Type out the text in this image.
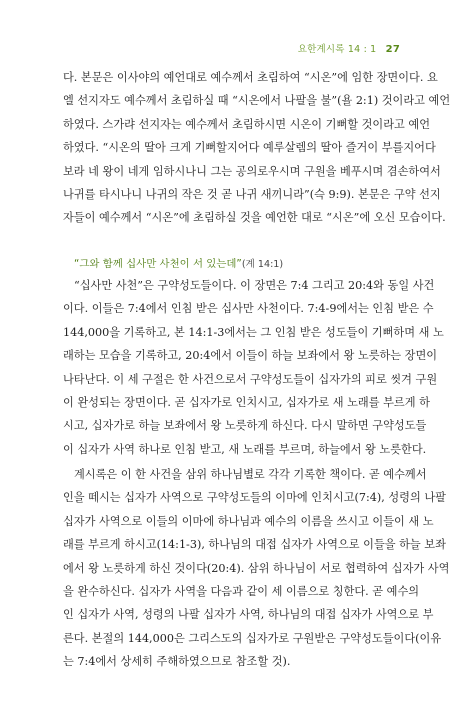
요한계시록 14 : 1 27

다. 본문은 이사야의 예언대로 예수께서 초림하여 “시온”에 임한 장면이다. 요
엘 선지자도 예수께서 초림하실 때 “시온에서 나팔을 불”(욜 2:1) 것이라고 예언
하였다. 스가랴 선지자는 예수께서 초림하시면 시온이 기뻐할 것이라고 예언
하였다. “시온의 딸아 크게 기뻐할지어다 예루살렘의 딸아 즐거이 부를지어다
보라 네 왕이 네게 임하시나니 그는 공의로우시며 구원을 베푸시며 겸손하여서
나귀를 타시나니 나귀의 작은 것 곧 나귀 새끼니라”(슥 9:9). 본문은 구약 선지
자들이 예수께서 “시온”에 초림하실 것을 예언한 대로 “시온”에 오신 모습이다.

“그와 함께 십사만 사천이 서 있는데”(계 14:1)

“십사만 사천”은 구약성도들이다. 이 장면은 7:4 그리고 20:4와 동일 사건
이다. 이들은 7:4에서 인침 받은 십사만 사천이다. 7:4-9에서는 인침 받은 수
144,000을 기록하고, 본 14:1-3에서는 그 인침 받은 성도들이 기뻐하며 새 노
래하는 모습을 기록하고, 20:4에서 이들이 하늘 보좌에서 왕 노릇하는 장면이
나타난다. 이 세 구절은 한 사건으로서 구약성도들이 십자가의 피로 씻겨 구원
이 완성되는 장면이다. 곧 십자가로 인치시고, 십자가로 새 노래를 부르게 하
시고, 십자가로 하늘 보좌에서 왕 노릇하게 하신다. 다시 말하면 구약성도들
이 십자가 사역 하나로 인침 받고, 새 노래를 부르며, 하늘에서 왕 노릇한다.

계시록은 이 한 사건을 삼위 하나님별로 각각 기록한 책이다. 곧 예수께서
인을 떼시는 십자가 사역으로 구약성도들의 이마에 인치시고(7:4), 성령의 나팔
십자가 사역으로 이들의 이마에 하나님과 예수의 이름을 쓰시고 이들이 새 노
래를 부르게 하시고(14:1-3), 하나님의 대접 십자가 사역으로 이들을 하늘 보좌
에서 왕 노릇하게 하신 것이다(20:4). 삼위 하나님이 서로 협력하여 십자가 사역
을 완수하신다. 십자가 사역을 다음과 같이 세 이름으로 칭한다. 곧 예수의
인 십자가 사역, 성령의 나팔 십자가 사역, 하나님의 대접 십자가 사역으로 부
른다. 본절의 144,000은 그리스도의 십자가로 구원받은 구약성도들이다(이유
는 7:4에서 상세히 주해하였으므로 참조할 것).
